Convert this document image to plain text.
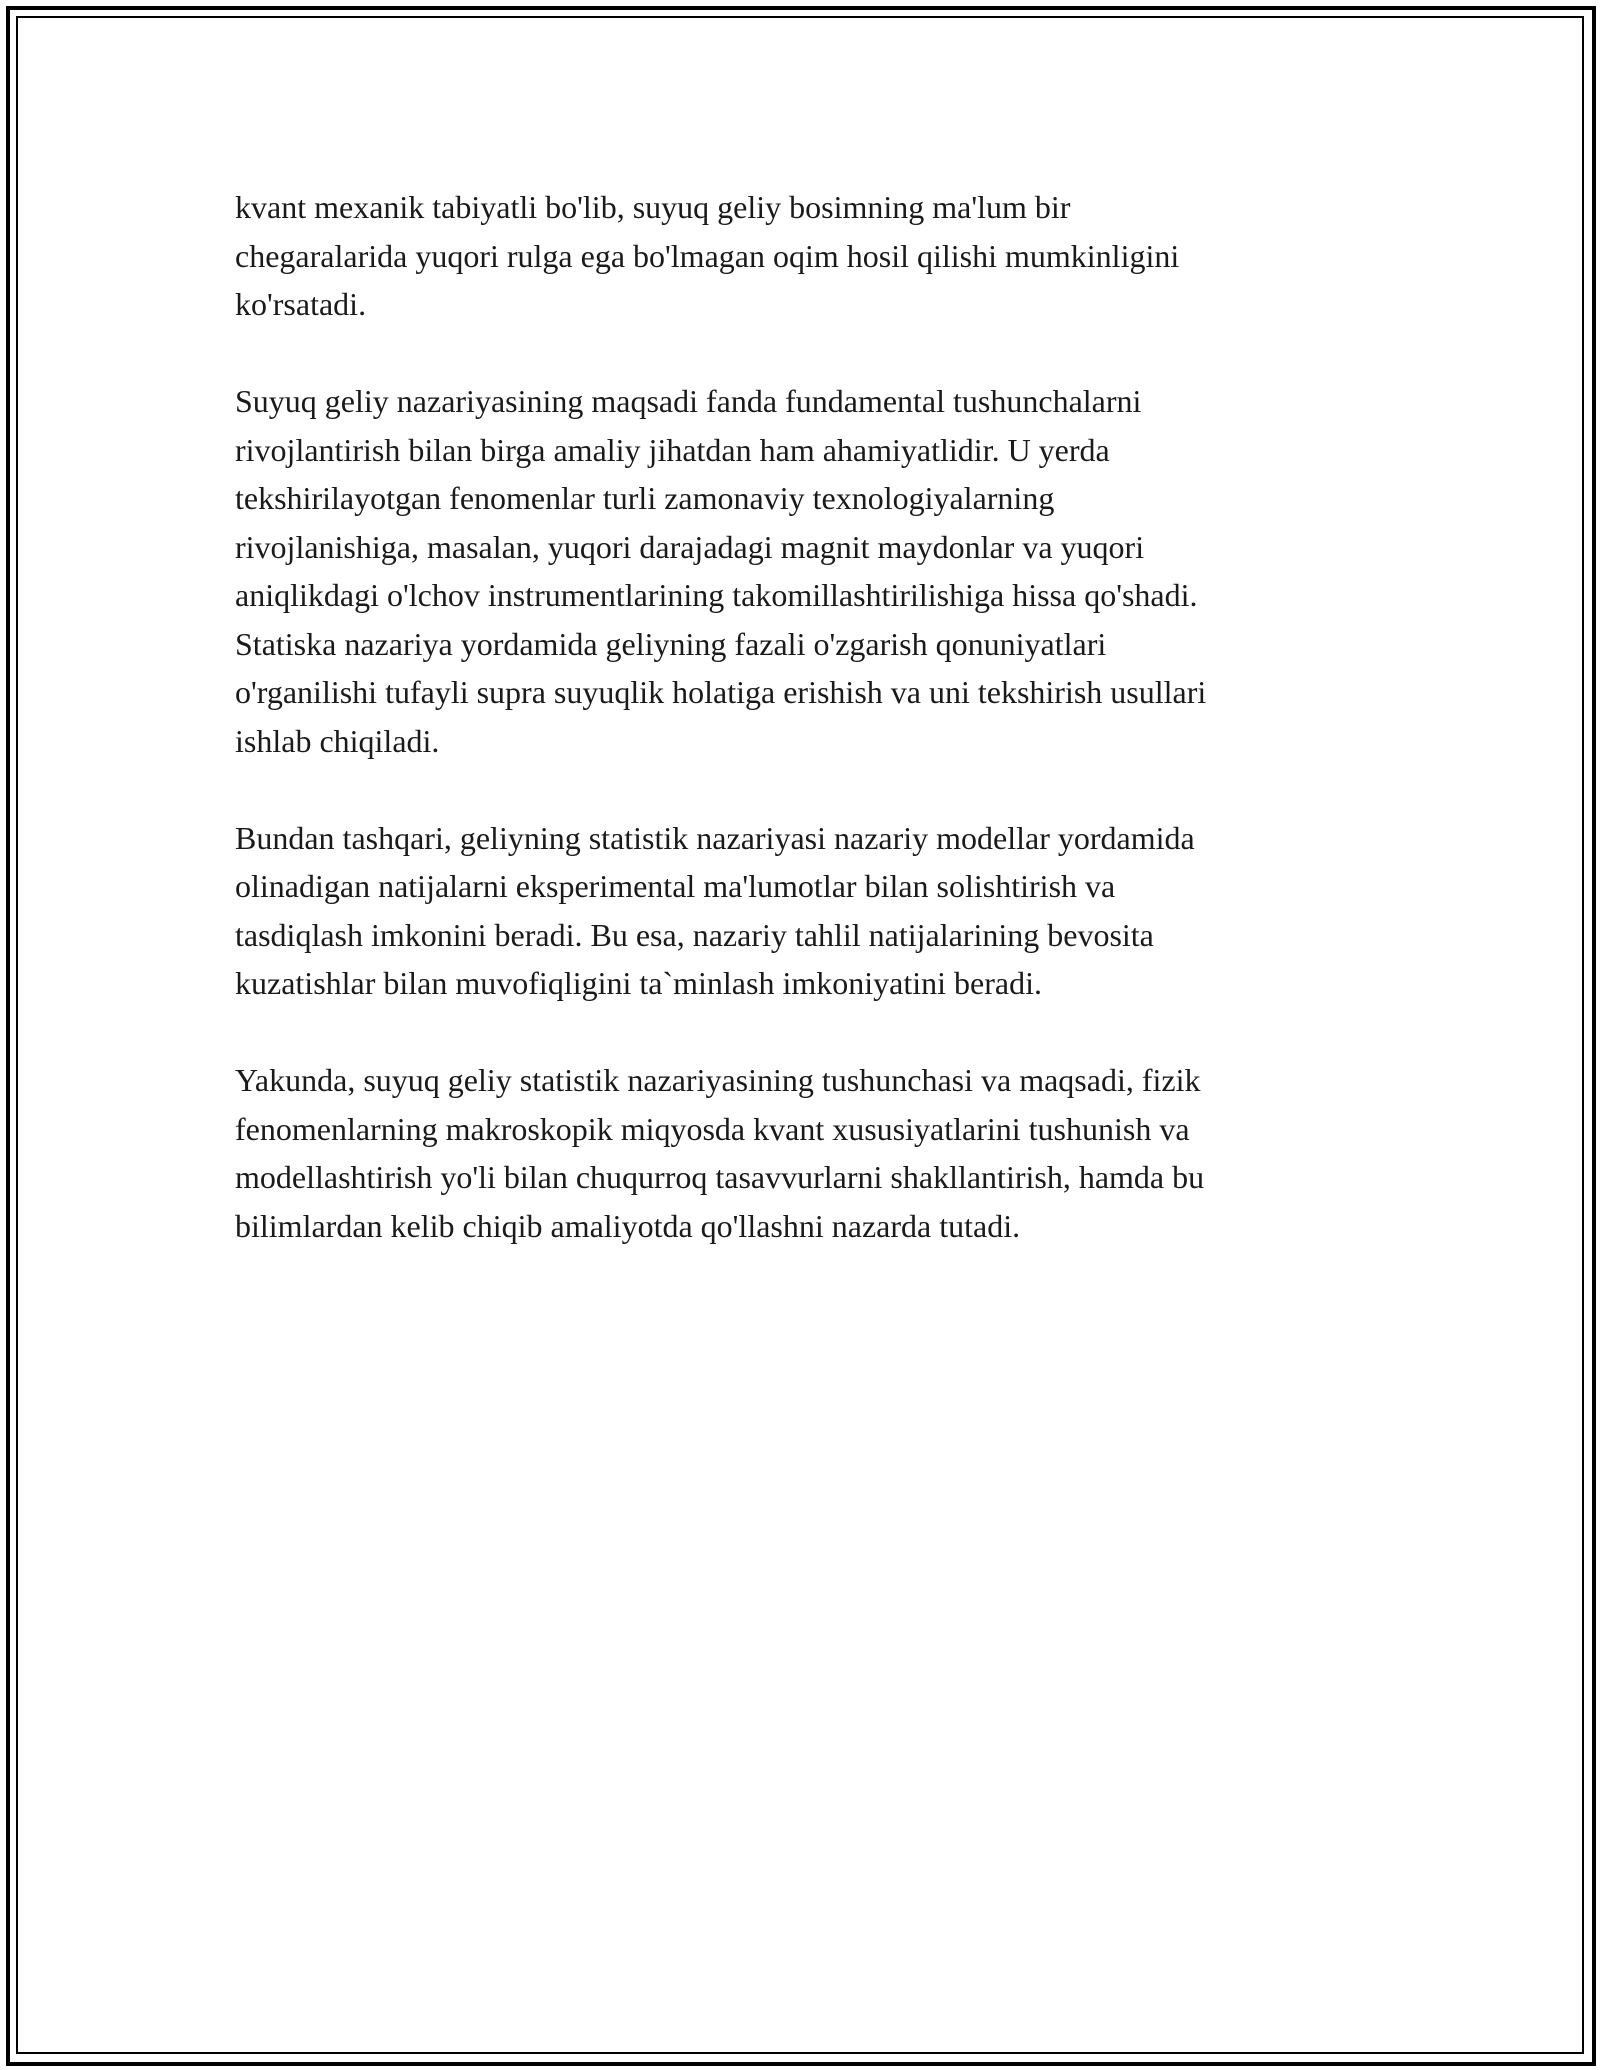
kvant mexanik tabiyatli bo'lib, suyuq geliy bosimning ma'lum bir
chegaralarida yuqori rulga ega bo'lmagan oqim hosil qilishi mumkinligini
ko'rsatadi.

Suyuq geliy nazariyasining maqsadi fanda fundamental tushunchalarni
rivojlantirish bilan birga amaliy jihatdan ham ahamiyatlidir. U yerda
tekshirilayotgan fenomenlar turli zamonaviy texnologiyalarning
rivojlanishiga, masalan, yuqori darajadagi magnit maydonlar va yuqori
aniqlikdagi o'lchov instrumentlarining takomillashtirilishiga hissa qo'shadi.
Statiska nazariya yordamida geliyning fazali o'zgarish qonuniyatlari
o'rganilishi tufayli supra suyuqlik holatiga erishish va uni tekshirish usullari
ishlab chiqiladi.

Bundan tashqari, geliyning statistik nazariyasi nazariy modellar yordamida
olinadigan natijalarni eksperimental ma'lumotlar bilan solishtirish va
tasdiqlash imkonini beradi. Bu esa, nazariy tahlil natijalarining bevosita
kuzatishlar bilan muvofiqligini ta`minlash imkoniyatini beradi.

Yakunda, suyuq geliy statistik nazariyasining tushunchasi va maqsadi, fizik
fenomenlarning makroskopik miqyosda kvant xususiyatlarini tushunish va
modellashtirish yo'li bilan chuqurroq tasavvurlarni shakllantirish, hamda bu
bilimlardan kelib chiqib amaliyotda qo'llashni nazarda tutadi.
